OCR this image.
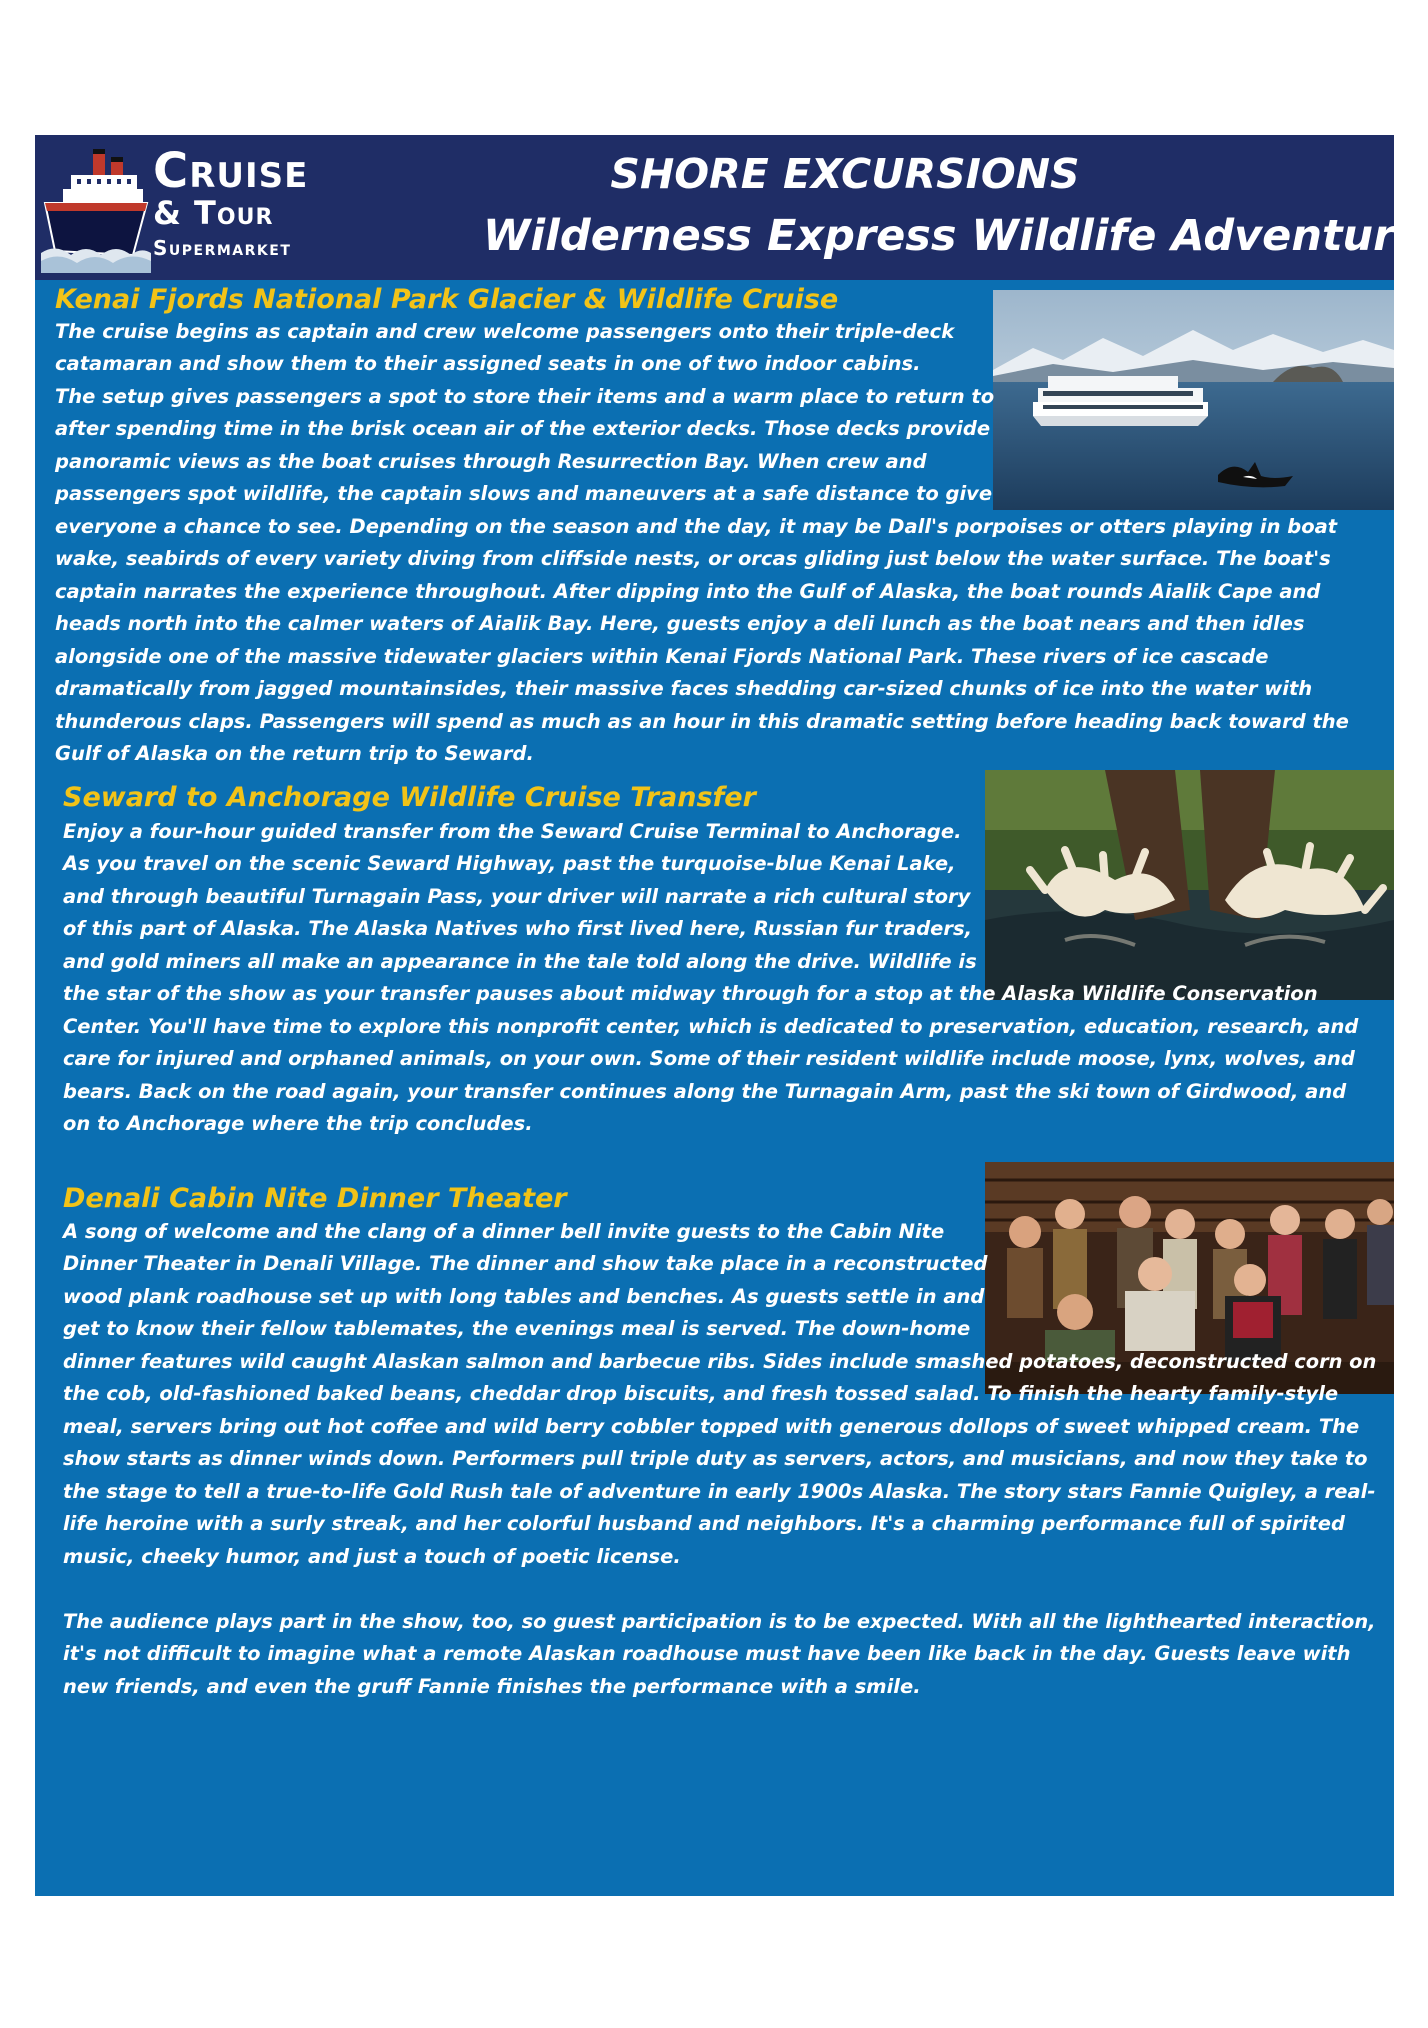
Cruise
& Tour
Supermarket
SHORE EXCURSIONS
Wilderness Express Wildlife Adventure
Kenai Fjords National Park Glacier & Wildlife Cruise
The cruise begins as captain and crew welcome passengers onto their triple-deck
catamaran and show them to their assigned seats in one of two indoor cabins.
The setup gives passengers a spot to store their items and a warm place to return to
after spending time in the brisk ocean air of the exterior decks. Those decks provide
panoramic views as the boat cruises through Resurrection Bay. When crew and
passengers spot wildlife, the captain slows and maneuvers at a safe distance to give
everyone a chance to see. Depending on the season and the day, it may be Dall's porpoises or otters playing in boat
wake, seabirds of every variety diving from cliffside nests, or orcas gliding just below the water surface. The boat's
captain narrates the experience throughout. After dipping into the Gulf of Alaska, the boat rounds Aialik Cape and
heads north into the calmer waters of Aialik Bay. Here, guests enjoy a deli lunch as the boat nears and then idles
alongside one of the massive tidewater glaciers within Kenai Fjords National Park. These rivers of ice cascade
dramatically from jagged mountainsides, their massive faces shedding car-sized chunks of ice into the water with
thunderous claps. Passengers will spend as much as an hour in this dramatic setting before heading back toward the
Gulf of Alaska on the return trip to Seward.
Seward to Anchorage Wildlife Cruise Transfer
Enjoy a four-hour guided transfer from the Seward Cruise Terminal to Anchorage.
As you travel on the scenic Seward Highway, past the turquoise-blue Kenai Lake,
and through beautiful Turnagain Pass, your driver will narrate a rich cultural story
of this part of Alaska. The Alaska Natives who first lived here, Russian fur traders,
and gold miners all make an appearance in the tale told along the drive. Wildlife is
the star of the show as your transfer pauses about midway through for a stop at the Alaska Wildlife Conservation
Center. You'll have time to explore this nonprofit center, which is dedicated to preservation, education, research, and
care for injured and orphaned animals, on your own. Some of their resident wildlife include moose, lynx, wolves, and
bears. Back on the road again, your transfer continues along the Turnagain Arm, past the ski town of Girdwood, and
on to Anchorage where the trip concludes.
Denali Cabin Nite Dinner Theater
A song of welcome and the clang of a dinner bell invite guests to the Cabin Nite
Dinner Theater in Denali Village. The dinner and show take place in a reconstructed
wood plank roadhouse set up with long tables and benches. As guests settle in and
get to know their fellow tablemates, the evenings meal is served. The down-home
dinner features wild caught Alaskan salmon and barbecue ribs. Sides include smashed potatoes, deconstructed corn on
the cob, old-fashioned baked beans, cheddar drop biscuits, and fresh tossed salad. To finish the hearty family-style
meal, servers bring out hot coffee and wild berry cobbler topped with generous dollops of sweet whipped cream. The
show starts as dinner winds down. Performers pull triple duty as servers, actors, and musicians, and now they take to
the stage to tell a true-to-life Gold Rush tale of adventure in early 1900s Alaska. The story stars Fannie Quigley, a real-
life heroine with a surly streak, and her colorful husband and neighbors. It's a charming performance full of spirited
music, cheeky humor, and just a touch of poetic license.
The audience plays part in the show, too, so guest participation is to be expected. With all the lighthearted interaction,
it's not difficult to imagine what a remote Alaskan roadhouse must have been like back in the day. Guests leave with
new friends, and even the gruff Fannie finishes the performance with a smile.
